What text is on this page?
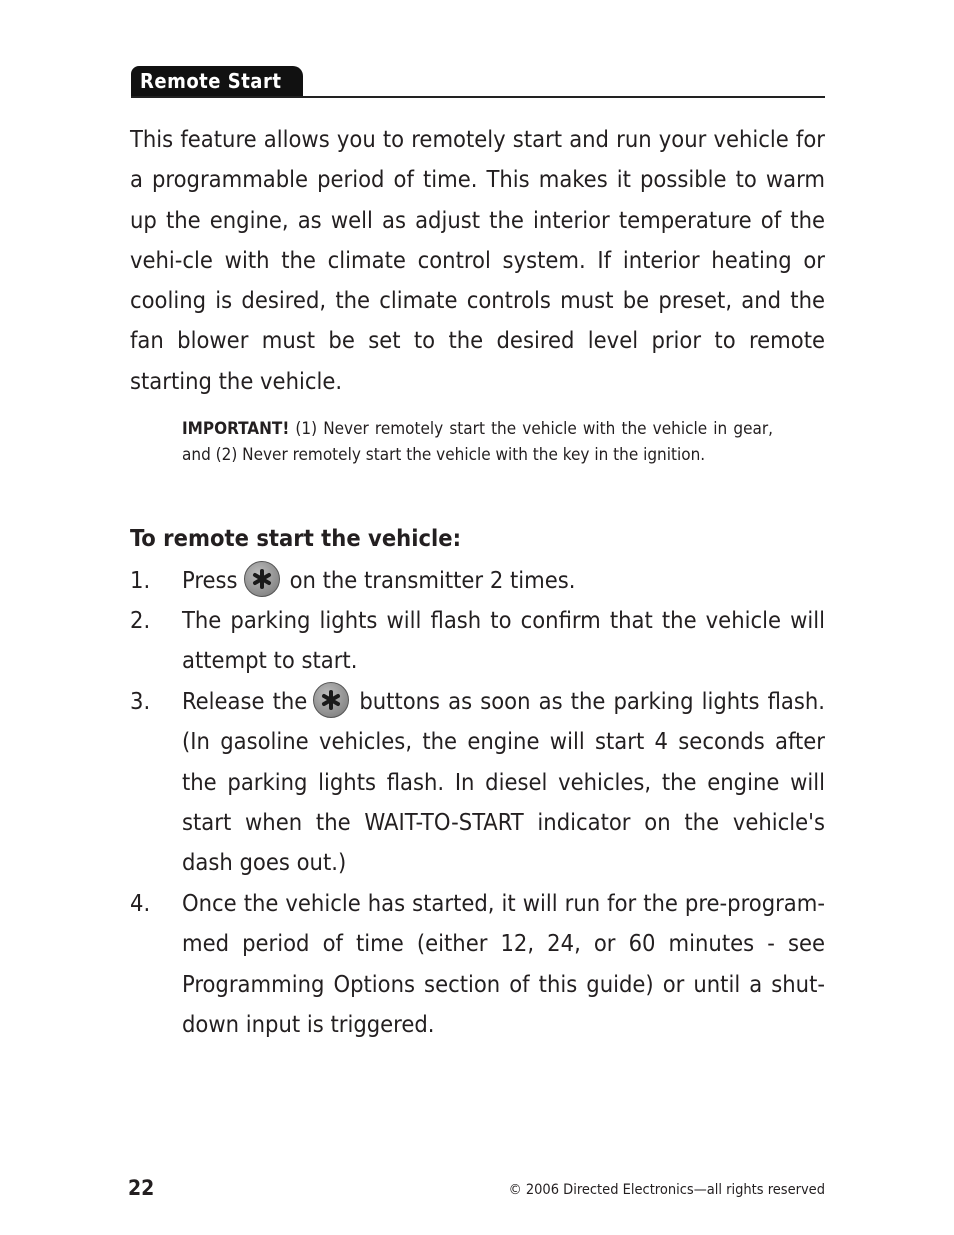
Remote Start
This feature allows you to remotely start and run your vehicle for a programmable period of time. This makes it possible to warm up the engine, as well as adjust the interior temperature of the vehi-cle with the climate control system. If interior heating or cooling is desired, the climate controls must be preset, and the fan blower must be set to the desired level prior to remote starting the vehicle.
IMPORTANT! (1) Never remotely start the vehicle with the vehicle in gear, and (2) Never remotely start the vehicle with the key in the ignition.
To remote start the vehicle:
1. Press on the transmitter 2 times.
2. The parking lights will flash to confirm that the vehicle will attempt to start.
3. Release the buttons as soon as the parking lights flash. (In gasoline vehicles, the engine will start 4 seconds after the parking lights flash. In diesel vehicles, the engine will start when the WAIT-TO-START indicator on the vehicle's dash goes out.)
4. Once the vehicle has started, it will run for the pre-program-med period of time (either 12, 24, or 60 minutes - see Programming Options section of this guide) or until a shut-down input is triggered.
22	© 2006 Directed Electronics—all rights reserved
